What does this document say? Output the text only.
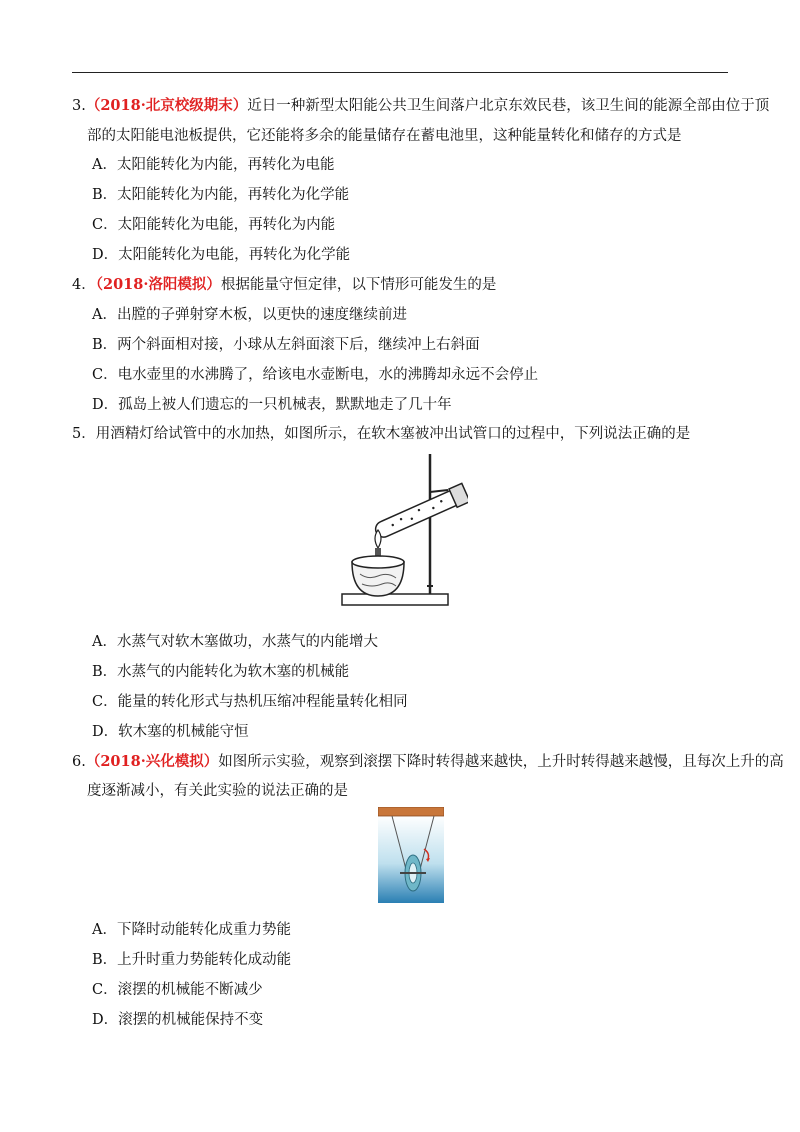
3.（2018·北京校级期末）近日一种新型太阳能公共卫生间落户北京东效民巷，该卫生间的能源全部由位于顶
部的太阳能电池板提供，它还能将多余的能量储存在蓄电池里，这种能量转化和储存的方式是
A．太阳能转化为内能，再转化为电能
B．太阳能转化为内能，再转化为化学能
C．太阳能转化为电能，再转化为内能
D．太阳能转化为电能，再转化为化学能
4．（2018·洛阳模拟）根据能量守恒定律，以下情形可能发生的是
A．出膛的子弹射穿木板，以更快的速度继续前进
B．两个斜面相对接，小球从左斜面滚下后，继续冲上右斜面
C．电水壶里的水沸腾了，给该电水壶断电，水的沸腾却永远不会停止
D．孤岛上被人们遗忘的一只机械表，默默地走了几十年
5．用酒精灯给试管中的水加热，如图所示，在软木塞被冲出试管口的过程中，下列说法正确的是
A．水蒸气对软木塞做功，水蒸气的内能增大
B．水蒸气的内能转化为软木塞的机械能
C．能量的转化形式与热机压缩冲程能量转化相同
D．软木塞的机械能守恒
6.（2018·兴化模拟）如图所示实验，观察到滚摆下降时转得越来越快，上升时转得越来越慢，且每次上升的高
度逐渐减小，有关此实验的说法正确的是
A．下降时动能转化成重力势能
B．上升时重力势能转化成动能
C．滚摆的机械能不断减少
D．滚摆的机械能保持不变
